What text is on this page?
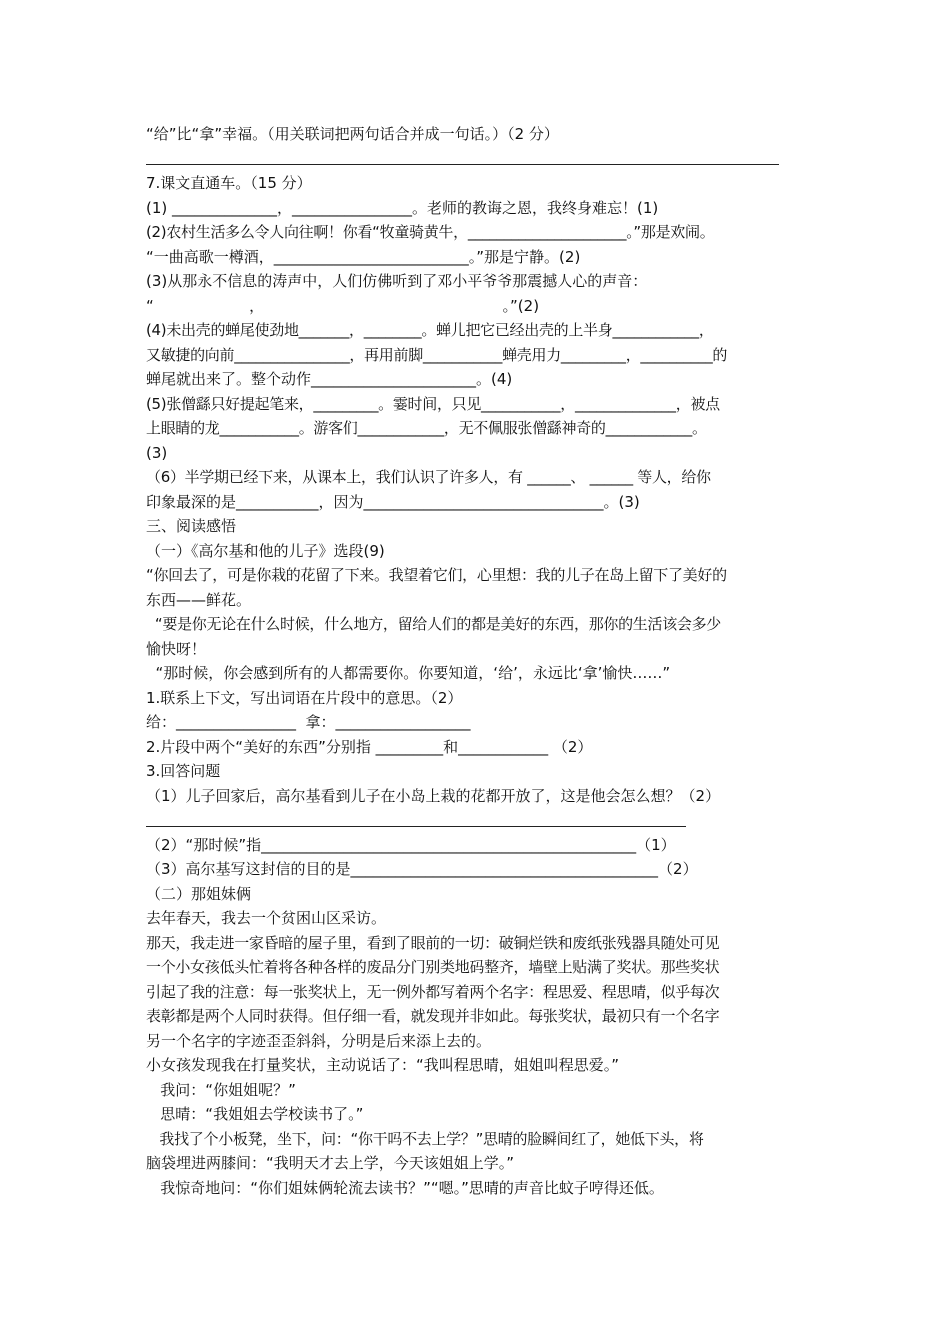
“给”比“拿”幸福。（用关联词把两句话合并成一句话。）（2 分）
7.课文直通车。（15 分）
(1) ______________，________________。老师的教诲之恩，我终身难忘！(1)
(2)农村生活多么令人向往啊！你看“牧童骑黄牛，______________________。”那是欢闹。
“一曲高歌一樽酒，__________________________。”那是宁静。(2)
(3)从那永不信息的涛声中，人们仿佛听到了邓小平爷爷那震撼人心的声音：
“                    ，                                                  。”(2)
(4)未出壳的蝉尾使劲地_______，________。蝉儿把它已经出壳的上半身____________，
又敏捷的向前________________，再用前脚___________蝉壳用力_________，__________的
蝉尾就出来了。整个动作______________________。(4)
(5)张僧繇只好提起笔来，_________。霎时间，只见___________，______________，被点
上眼睛的龙___________。游客们____________，无不佩服张僧繇神奇的____________。
(3)
（6）半学期已经下来，从课本上，我们认识了许多人，有 ______、 ______ 等人，给你
印象最深的是___________，因为________________________________。(3)
三、阅读感悟
（一）《高尔基和他的儿子》选段(9)
“你回去了，可是你栽的花留了下来。我望着它们，心里想：我的儿子在岛上留下了美好的
东西——鲜花。
“要是你无论在什么时候，什么地方，留给人们的都是美好的东西，那你的生活该会多少
愉快呀！
“那时候，你会感到所有的人都需要你。你要知道，‘给’，永远比‘拿’愉快……”
1.联系上下文，写出词语在片段中的意思。（2）
给：________________  拿：__________________
2.片段中两个“美好的东西”分别指 _________和____________ （2）
3.回答问题
（1）儿子回家后，高尔基看到儿子在小岛上栽的花都开放了，这是他会怎么想？（2）
（2）“那时候”指__________________________________________________（1）
（3）高尔基写这封信的目的是_________________________________________（2）
（二）那姐妹俩
去年春天，我去一个贫困山区采访。
那天，我走进一家昏暗的屋子里，看到了眼前的一切：破铜烂铁和废纸张残器具随处可见
一个小女孩低头忙着将各种各样的废品分门别类地码整齐，墙壁上贴满了奖状。那些奖状
引起了我的注意：每一张奖状上，无一例外都写着两个名字：程思爱、程思晴，似乎每次
表彰都是两个人同时获得。但仔细一看，就发现并非如此。每张奖状，最初只有一个名字
另一个名字的字迹歪歪斜斜，分明是后来添上去的。
小女孩发现我在打量奖状，主动说话了：“我叫程思晴，姐姐叫程思爱。”
我问：“你姐姐呢？”
思晴：“我姐姐去学校读书了。”
我找了个小板凳，坐下，问：“你干吗不去上学？”思晴的脸瞬间红了，她低下头，将
脑袋埋进两膝间：“我明天才去上学，今天该姐姐上学。”
我惊奇地问：“你们姐妹俩轮流去读书？”“嗯。”思晴的声音比蚊子哼得还低。
